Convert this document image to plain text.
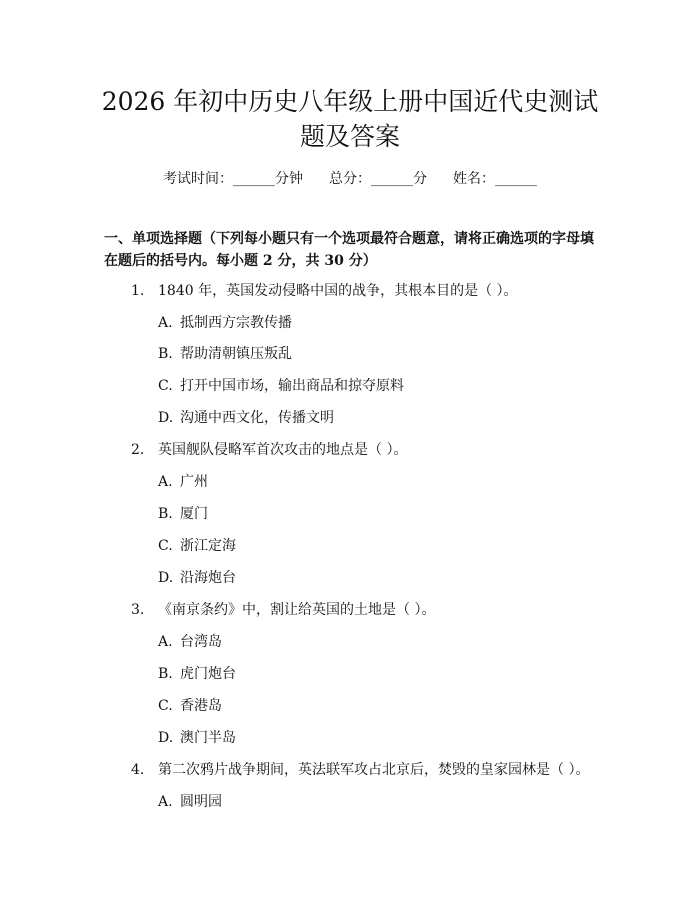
2026 年初中历史八年级上册中国近代史测试
题及答案
考试时间：______分钟 总分：______分 姓名：______

一、单项选择题（下列每小题只有一个选项最符合题意，请将正确选项的字母填

在题后的括号内。每小题 2 分，共 30 分）

1. 1840 年，英国发动侵略中国的战争，其根本目的是（ ）。
A. 抵制西方宗教传播
B. 帮助清朝镇压叛乱
C. 打开中国市场，输出商品和掠夺原料
D. 沟通中西文化，传播文明
2. 英国舰队侵略军首次攻击的地点是（ ）。
A. 广州
B. 厦门
C. 浙江定海
D. 沿海炮台
3. 《南京条约》中，割让给英国的土地是（ ）。
A. 台湾岛
B. 虎门炮台
C. 香港岛
D. 澳门半岛
4. 第二次鸦片战争期间，英法联军攻占北京后，焚毁的皇家园林是（ ）。
A. 圆明园
